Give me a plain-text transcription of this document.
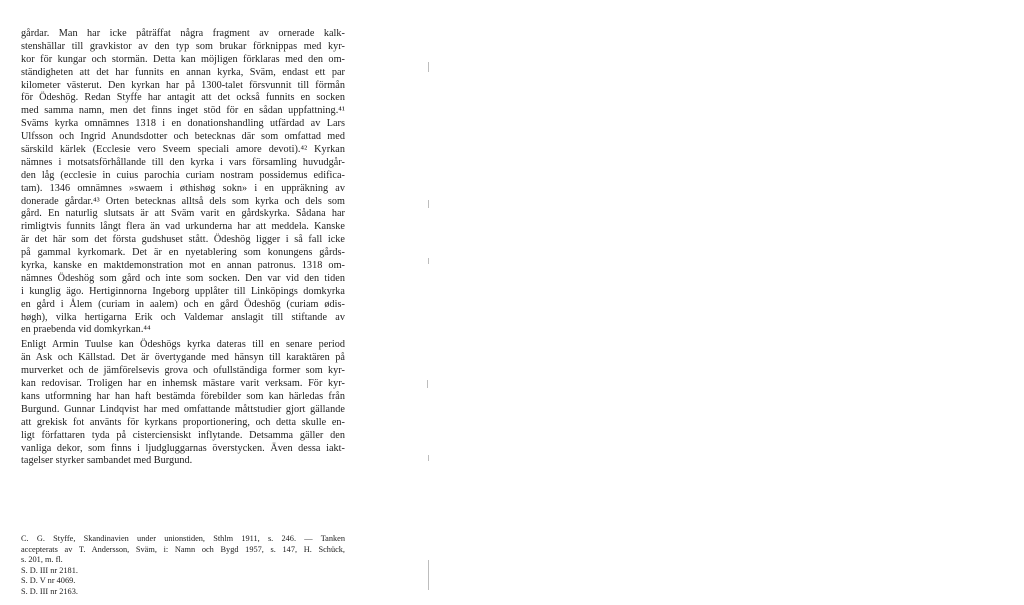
gårdar. Man har icke påträffat några fragment av ornerade kalk-
stenshällar till gravkistor av den typ som brukar förknippas med kyr-
kor för kungar och stormän. Detta kan möjligen förklaras med den om-
ständigheten att det har funnits en annan kyrka, Sväm, endast ett par
kilometer västerut. Den kyrkan har på 1300-talet försvunnit till förmån
för Ödeshög. Redan Styffe har antagit att det också funnits en socken
med samma namn, men det finns inget stöd för en sådan uppfattning.⁴¹
Sväms kyrka omnämnes 1318 i en donationshandling utfärdad av Lars
Ulfsson och Ingrid Anundsdotter och betecknas där som omfattad med
särskild kärlek (Ecclesie vero Sveem speciali amore devoti).⁴² Kyrkan
nämnes i motsatsförhållande till den kyrka i vars församling huvudgår-
den låg (ecclesie in cuius parochia curiam nostram possidemus edifica-
tam). 1346 omnämnes »swaem i øthishøg sokn» i en uppräkning av
donerade gårdar.⁴³ Orten betecknas alltså dels som kyrka och dels som
gård. En naturlig slutsats är att Sväm varit en gårdskyrka. Sådana har
rimligtvis funnits långt flera än vad urkunderna har att meddela. Kanske
är det här som det första gudshuset stått. Ödeshög ligger i så fall icke
på gammal kyrkomark. Det är en nyetablering som konungens gårds-
kyrka, kanske en maktdemonstration mot en annan patronus. 1318 om-
nämnes Ödeshög som gård och inte som socken. Den var vid den tiden
i kunglig ägo. Hertiginnorna Ingeborg upplåter till Linköpings domkyrka
en gård i Ålem (curiam in aalem) och en gård Ödeshög (curiam ødis-
høgh), vilka hertigarna Erik och Valdemar anslagit till stiftande av
en praebenda vid domkyrkan.⁴⁴
Enligt Armin Tuulse kan Ödeshögs kyrka dateras till en senare period
än Ask och Källstad. Det är övertygande med hänsyn till karaktären på
murverket och de jämförelsevis grova och ofullständiga former som kyr-
kan redovisar. Troligen har en inhemsk mästare varit verksam. För kyr-
kans utformning har han haft bestämda förebilder som kan härledas från
Burgund. Gunnar Lindqvist har med omfattande måttstudier gjort gällande
att grekisk fot använts för kyrkans proportionering, och detta skulle en-
ligt författaren tyda på cisterciensiskt inflytande. Detsamma gäller den
vanliga dekor, som finns i ljudgluggarnas överstycken. Även dessa iakt-
tagelser styrker sambandet med Burgund.
C. G. Styffe, Skandinavien under unionstiden, Sthlm 1911, s. 246. — Tanken
accepterats av T. Andersson, Sväm, i: Namn och Bygd 1957, s. 147, H. Schück,
s. 201, m. fl.
S. D. III nr 2181.
S. D. V nr 4069.
S. D. III nr 2163.
